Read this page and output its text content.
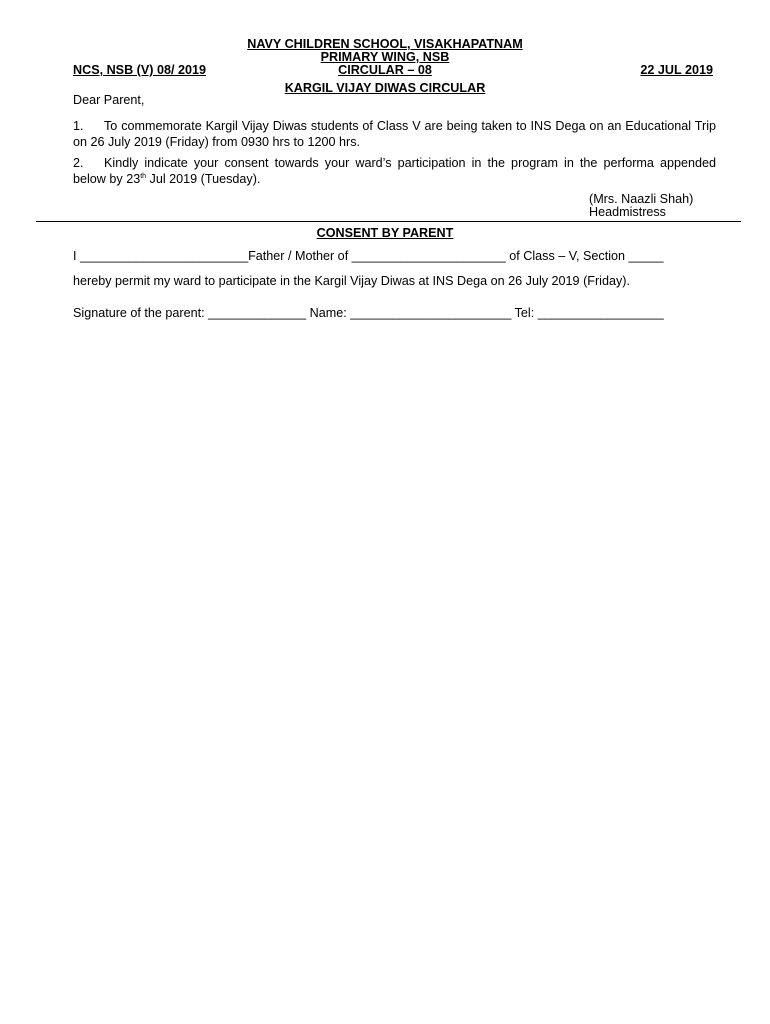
NAVY CHILDREN SCHOOL, VISAKHAPATNAM
PRIMARY WING, NSB
NCS, NSB (V) 08/ 2019	CIRCULAR – 08	22 JUL 2019
KARGIL VIJAY DIWAS CIRCULAR
Dear Parent,
1. To commemorate Kargil Vijay Diwas students of Class V are being taken to INS Dega on an Educational Trip on 26 July 2019 (Friday) from 0930 hrs to 1200 hrs.
2. Kindly indicate your consent towards your ward’s participation in the program in the performa appended below by 23th Jul 2019 (Tuesday).
(Mrs. Naazli Shah)
Headmistress
CONSENT BY PARENT
I ________________________Father / Mother of ______________________ of Class – V, Section _____
hereby permit my ward to participate in the Kargil Vijay Diwas at INS Dega on 26 July 2019 (Friday).
Signature of the parent: ______________ Name: _______________________ Tel: __________________
